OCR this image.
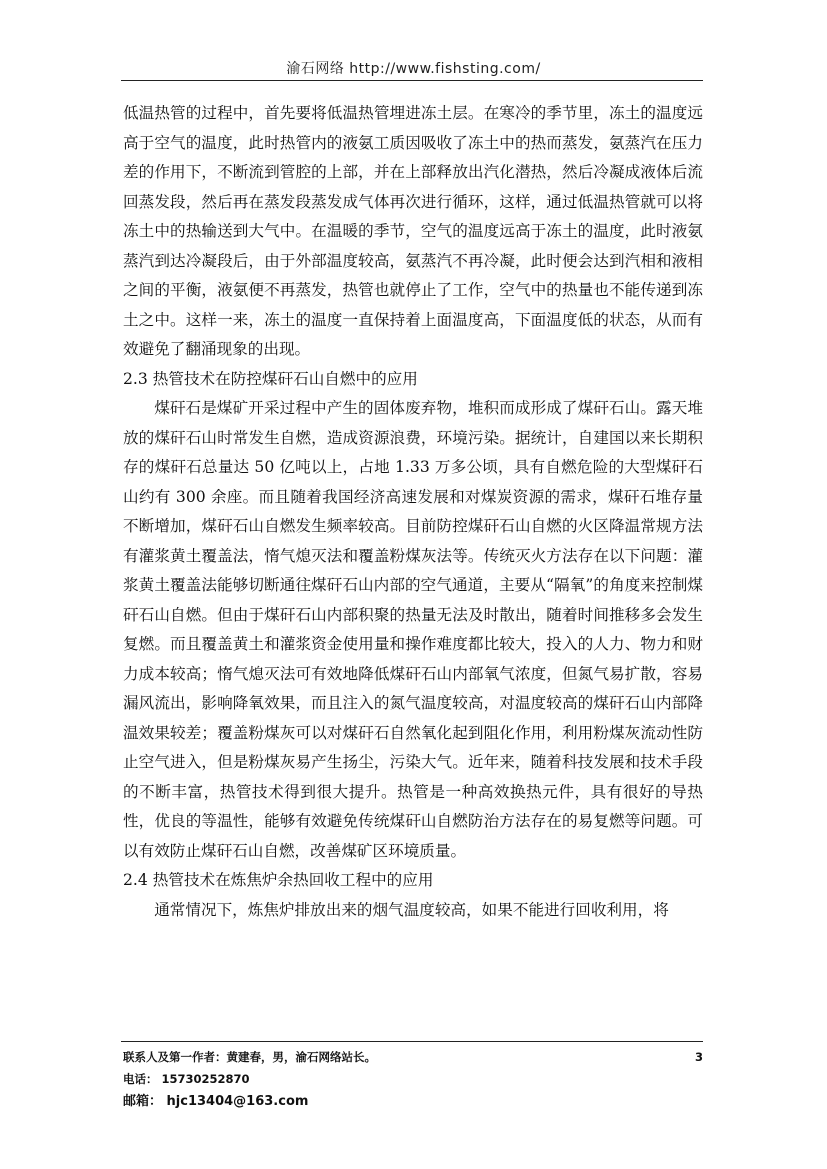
渝石网络 http://www.fishsting.com/

低温热管的过程中，首先要将低温热管埋进冻土层。在寒冷的季节里，冻土的温度远高于空气的温度，此时热管内的液氨工质因吸收了冻土中的热而蒸发，氨蒸汽在压力差的作用下，不断流到管腔的上部，并在上部释放出汽化潜热，然后冷凝成液体后流回蒸发段，然后再在蒸发段蒸发成气体再次进行循环，这样，通过低温热管就可以将冻土中的热输送到大气中。在温暖的季节，空气的温度远高于冻土的温度，此时液氨蒸汽到达冷凝段后，由于外部温度较高，氨蒸汽不再冷凝，此时便会达到汽相和液相之间的平衡，液氨便不再蒸发，热管也就停止了工作，空气中的热量也不能传递到冻土之中。这样一来，冻土的温度一直保持着上面温度高，下面温度低的状态，从而有效避免了翻涌现象的出现。

2.3 热管技术在防控煤矸石山自燃中的应用

煤矸石是煤矿开采过程中产生的固体废弃物，堆积而成形成了煤矸石山。露天堆放的煤矸石山时常发生自燃，造成资源浪费，环境污染。据统计，自建国以来长期积存的煤矸石总量达 50 亿吨以上，占地 1.33 万多公顷，具有自燃危险的大型煤矸石山约有 300 余座。而且随着我国经济高速发展和对煤炭资源的需求，煤矸石堆存量不断增加，煤矸石山自燃发生频率较高。目前防控煤矸石山自燃的火区降温常规方法有灌浆黄土覆盖法，惰气熄灭法和覆盖粉煤灰法等。传统灭火方法存在以下问题：灌浆黄土覆盖法能够切断通往煤矸石山内部的空气通道，主要从“隔氧”的角度来控制煤矸石山自燃。但由于煤矸石山内部积聚的热量无法及时散出，随着时间推移多会发生复燃。而且覆盖黄土和灌浆资金使用量和操作难度都比较大，投入的人力、物力和财力成本较高；惰气熄灭法可有效地降低煤矸石山内部氧气浓度，但氮气易扩散，容易漏风流出，影响降氧效果，而且注入的氮气温度较高，对温度较高的煤矸石山内部降温效果较差；覆盖粉煤灰可以对煤矸石自然氧化起到阻化作用，利用粉煤灰流动性防止空气进入，但是粉煤灰易产生扬尘，污染大气。近年来，随着科技发展和技术手段的不断丰富，热管技术得到很大提升。热管是一种高效换热元件，具有很好的导热性，优良的等温性，能够有效避免传统煤矸山自燃防治方法存在的易复燃等问题。可以有效防止煤矸石山自燃，改善煤矿区环境质量。

2.4 热管技术在炼焦炉余热回收工程中的应用

通常情况下，炼焦炉排放出来的烟气温度较高，如果不能进行回收利用，将

3
联系人及第一作者：黄建春，男，渝石网络站长。
电话： 15730252870
邮箱： hjc13404@163.com
